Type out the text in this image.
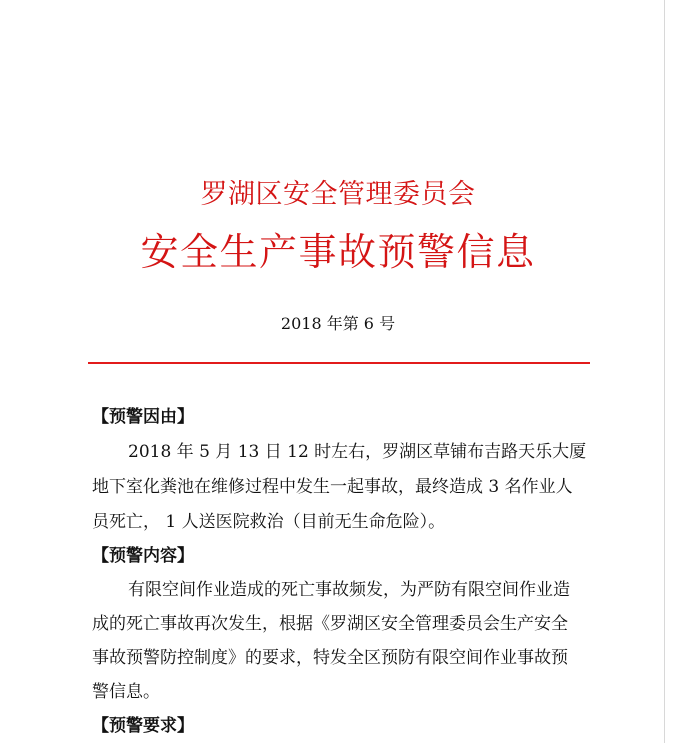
罗湖区安全管理委员会
安全生产事故预警信息
2018 年第 6 号
【预警因由】
2018 年 5 月 13 日 12 时左右，罗湖区草铺布吉路天乐大厦
地下室化粪池在维修过程中发生一起事故，最终造成 3 名作业人
员死亡， 1 人送医院救治（目前无生命危险）。
【预警内容】
有限空间作业造成的死亡事故频发，为严防有限空间作业造
成的死亡事故再次发生，根据《罗湖区安全管理委员会生产安全
事故预警防控制度》的要求，特发全区预防有限空间作业事故预
警信息。
【预警要求】
